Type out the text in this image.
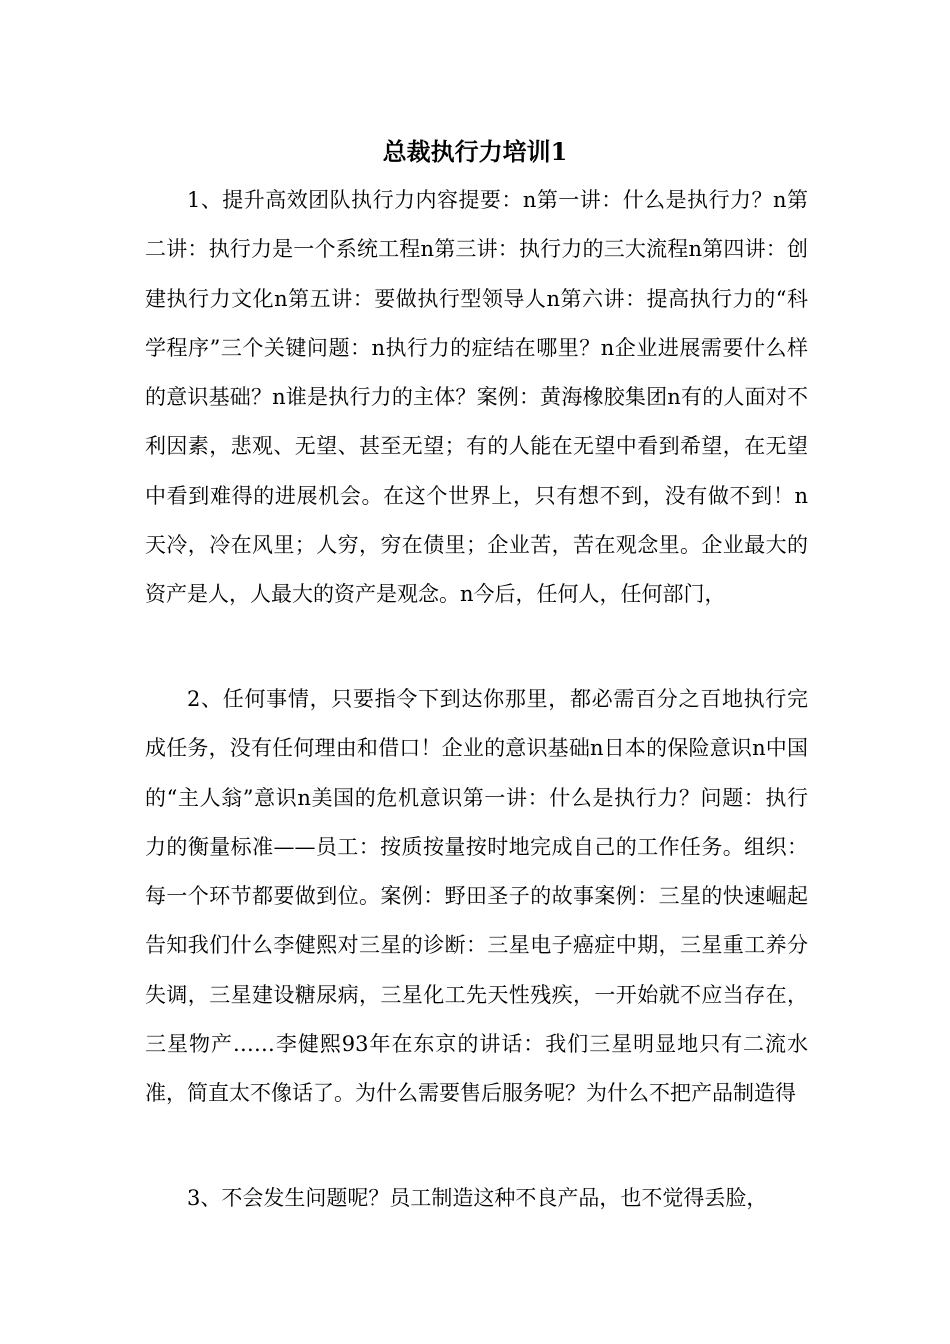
总裁执行力培训1

1、提升高效团队执行力内容提要：n第一讲：什么是执行力？n第二讲：执行力是一个系统工程n第三讲：执行力的三大流程n第四讲：创建执行力文化n第五讲：要做执行型领导人n第六讲：提高执行力的“科学程序”三个关键问题：n执行力的症结在哪里？n企业进展需要什么样的意识基础？n谁是执行力的主体？案例：黄海橡胶集团n有的人面对不利因素，悲观、无望、甚至无望；有的人能在无望中看到希望，在无望中看到难得的进展机会。在这个世界上，只有想不到，没有做不到！n天冷，冷在风里；人穷，穷在债里；企业苦，苦在观念里。企业最大的资产是人，人最大的资产是观念。n今后，任何人，任何部门，

2、任何事情，只要指令下到达你那里，都必需百分之百地执行完成任务，没有任何理由和借口！企业的意识基础n日本的保险意识n中国的“主人翁”意识n美国的危机意识第一讲：什么是执行力？问题：执行力的衡量标准——员工：按质按量按时地完成自己的工作任务。组织：每一个环节都要做到位。案例：野田圣子的故事案例：三星的快速崛起告知我们什么李健熙对三星的诊断：三星电子癌症中期，三星重工养分失调，三星建设糖尿病，三星化工先天性残疾，一开始就不应当存在，三星物产……李健熙93年在东京的讲话：我们三星明显地只有二流水准，简直太不像话了。为什么需要售后服务呢？为什么不把产品制造得

3、不会发生问题呢？员工制造这种不良产品，也不觉得丢脸，
